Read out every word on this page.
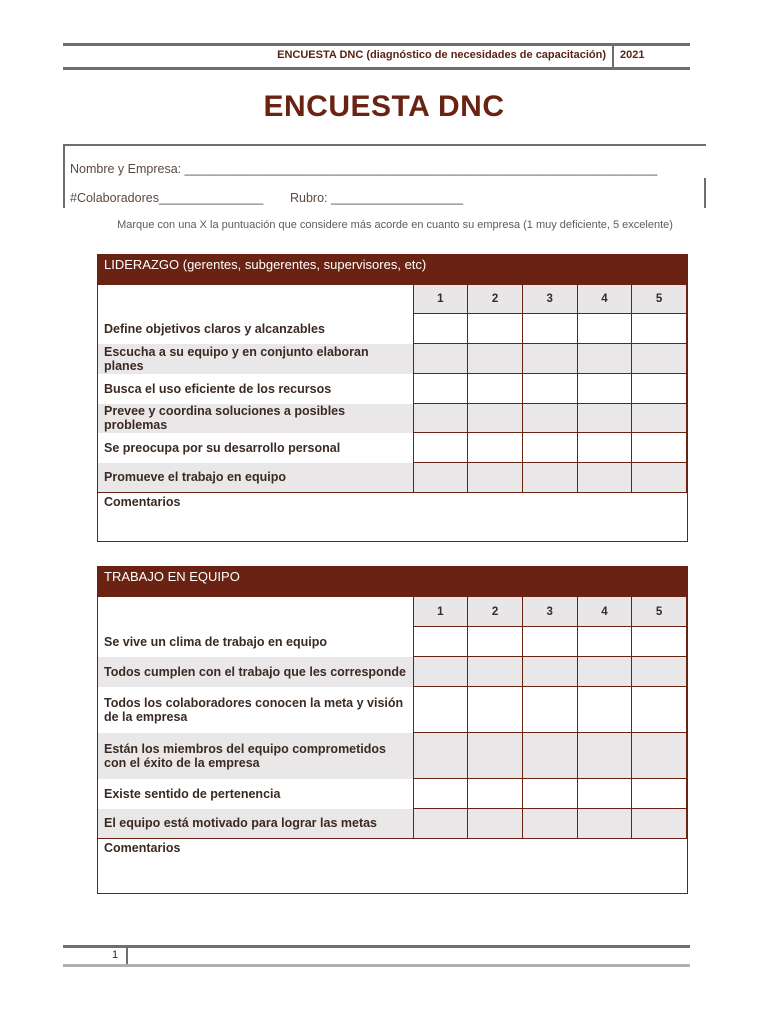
ENCUESTA DNC (diagnóstico de necesidades de capacitación) 2021
ENCUESTA DNC
Nombre y Empresa: ____________________________________________________________________
#Colaboradores_______________ Rubro: ___________________
Marque con una X la puntuación que considere más acorde en cuanto su empresa (1 muy deficiente, 5 excelente)
LIDERAZGO (gerentes, subgerentes, supervisores, etc)
	1	2	3	4	5
Define objetivos claros y alcanzables					
Escucha a su equipo y en conjunto elaboran planes					
Busca el uso eficiente de los recursos					
Prevee y coordina soluciones a posibles problemas					
Se preocupa por su desarrollo personal					
Promueve el trabajo en equipo					
Comentarios
TRABAJO EN EQUIPO
	1	2	3	4	5
Se vive un clima de trabajo en equipo					
Todos cumplen con el trabajo que les corresponde					
Todos los colaboradores conocen la meta y visión de la empresa					
Están los miembros del equipo comprometidos con el éxito de la empresa					
Existe sentido de pertenencia					
El equipo está motivado para lograr las metas					
Comentarios
1
